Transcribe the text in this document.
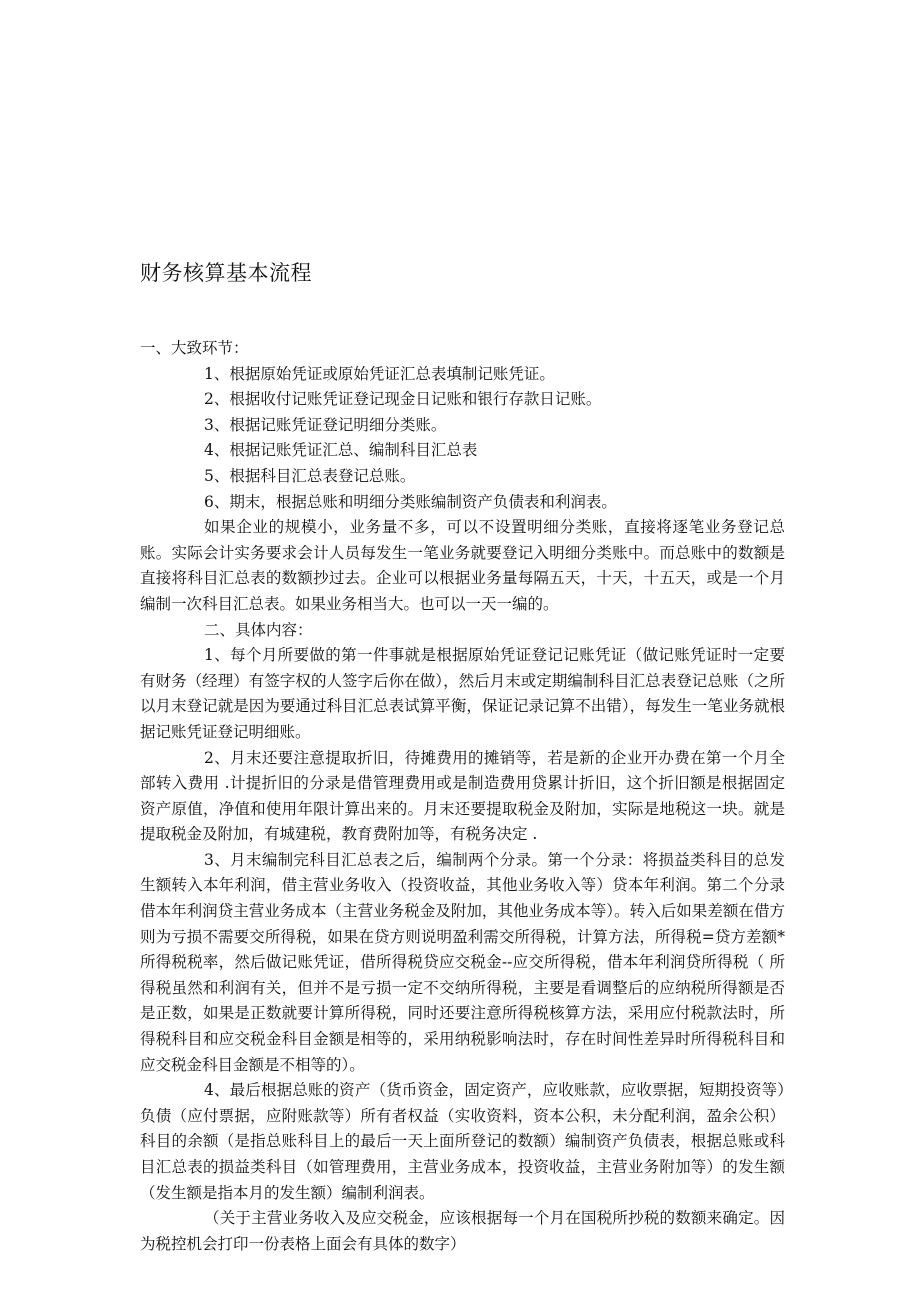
财务核算基本流程

一、大致环节：

1、根据原始凭证或原始凭证汇总表填制记账凭证。
2、根据收付记账凭证登记现金日记账和银行存款日记账。
3、根据记账凭证登记明细分类账。
4、根据记账凭证汇总、编制科目汇总表
5、根据科目汇总表登记总账。
6、期末，根据总账和明细分类账编制资产负债表和利润表。

如果企业的规模小，业务量不多，可以不设置明细分类账，直接将逐笔业务登记总账。实际会计实务要求会计人员每发生一笔业务就要登记入明细分类账中。而总账中的数额是直接将科目汇总表的数额抄过去。企业可以根据业务量每隔五天，十天，十五天，或是一个月编制一次科目汇总表。如果业务相当大。也可以一天一编的。

二、具体内容：

1、每个月所要做的第一件事就是根据原始凭证登记记账凭证（做记账凭证时一定要有财务（经理）有签字权的人签字后你在做），然后月末或定期编制科目汇总表登记总账（之所以月末登记就是因为要通过科目汇总表试算平衡，保证记录记算不出错），每发生一笔业务就根据记账凭证登记明细账。

2、月末还要注意提取折旧，待摊费用的摊销等，若是新的企业开办费在第一个月全部转入费用 .计提折旧的分录是借管理费用或是制造费用贷累计折旧，这个折旧额是根据固定资产原值，净值和使用年限计算出来的。月末还要提取税金及附加，实际是地税这一块。就是提取税金及附加，有城建税，教育费附加等，有税务决定 .

3、月末编制完科目汇总表之后，编制两个分录。第一个分录：将损益类科目的总发生额转入本年利润，借主营业务收入（投资收益，其他业务收入等）贷本年利润。第二个分录 借本年利润贷主营业务成本（主营业务税金及附加，其他业务成本等）。转入后如果差额在借方则为亏损不需要交所得税，如果在贷方则说明盈利需交所得税，计算方法，所得税=贷方差额*所得税税率，然后做记账凭证，借所得税贷应交税金--应交所得税，借本年利润贷所得税（ 所得税虽然和利润有关，但并不是亏损一定不交纳所得税，主要是看调整后的应纳税所得额是否是正数，如果是正数就要计算所得税，同时还要注意所得税核算方法，采用应付税款法时，所得税科目和应交税金科目金额是相等的，采用纳税影响法时，存在时间性差异时所得税科目和应交税金科目金额是不相等的）。

4、最后根据总账的资产（货币资金，固定资产，应收账款，应收票据，短期投资等）负债（应付票据，应附账款等）所有者权益（实收资料，资本公积，未分配利润，盈余公积）科目的余额（是指总账科目上的最后一天上面所登记的数额）编制资产负债表，根据总账或科目汇总表的损益类科目（如管理费用，主营业务成本，投资收益，主营业务附加等）的发生额（发生额是指本月的发生额）编制利润表。

（关于主营业务收入及应交税金，应该根据每一个月在国税所抄税的数额来确定。因为税控机会打印一份表格上面会有具体的数字）
